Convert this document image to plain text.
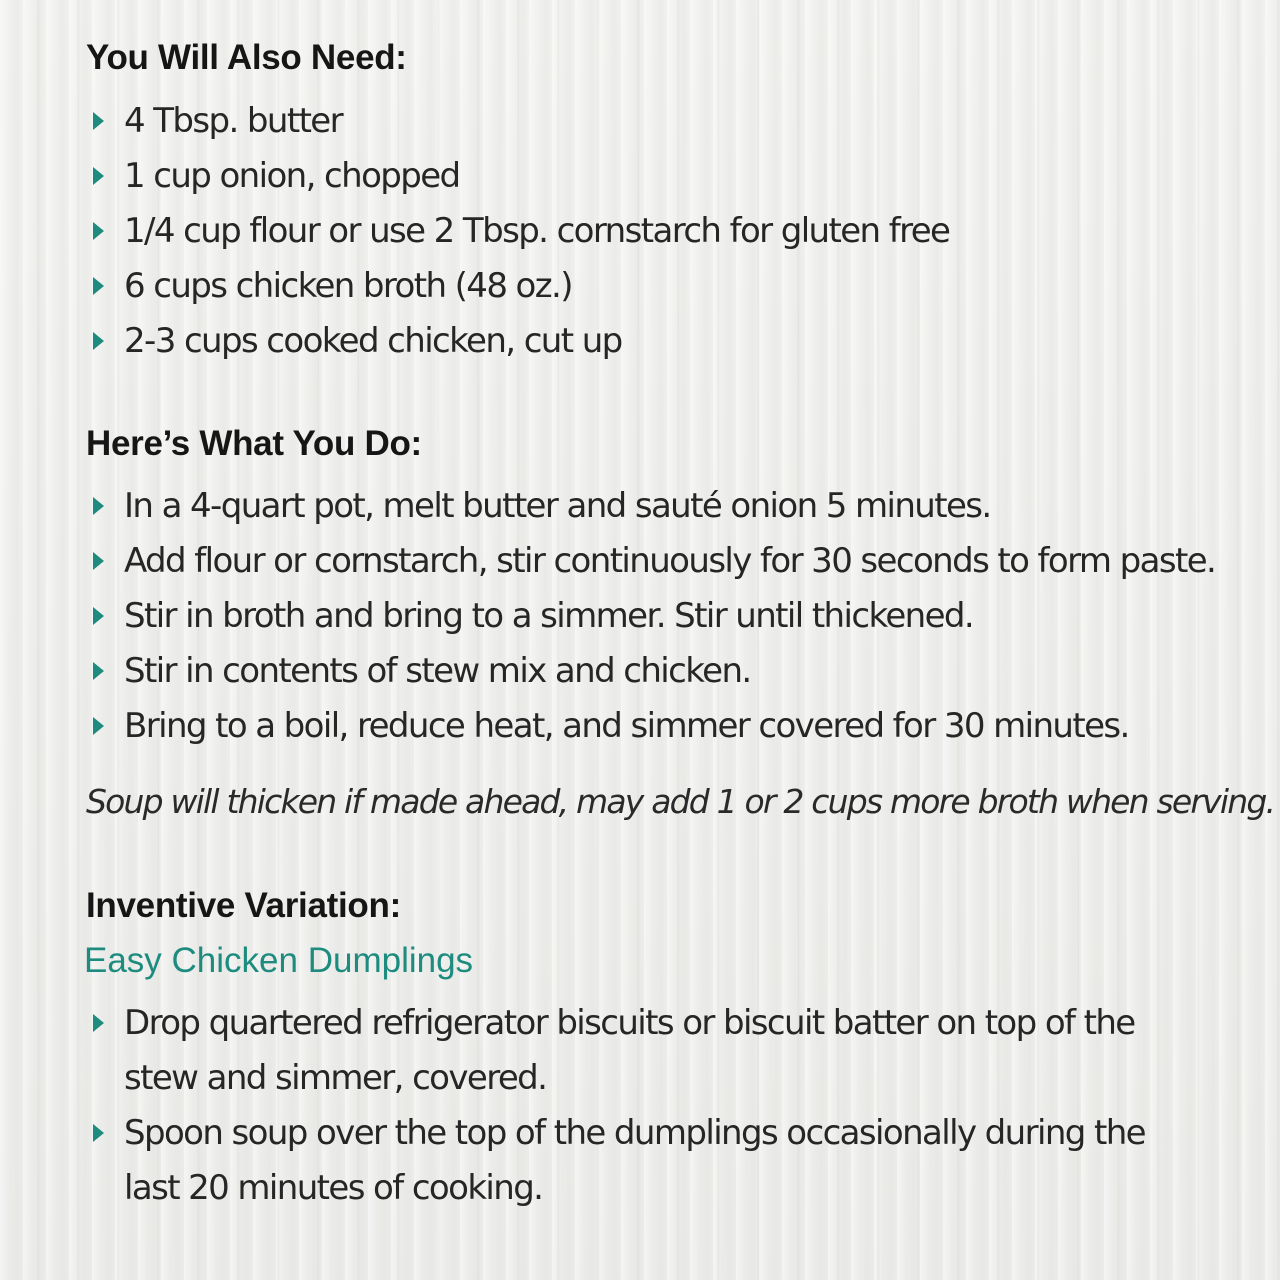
You Will Also Need:
4 Tbsp. butter
1 cup onion, chopped
1/4 cup flour or use 2 Tbsp. cornstarch for gluten free
6 cups chicken broth (48 oz.)
2-3 cups cooked chicken, cut up
Here’s What You Do:
In a 4-quart pot, melt butter and sauté onion 5 minutes.
Add flour or cornstarch, stir continuously for 30 seconds to form paste.
Stir in broth and bring to a simmer. Stir until thickened.
Stir in contents of stew mix and chicken.
Bring to a boil, reduce heat, and simmer covered for 30 minutes.

Soup will thicken if made ahead, may add 1 or 2 cups more broth when serving.

Inventive Variation:

Easy Chicken Dumplings

Drop quartered refrigerator biscuits or biscuit batter on top of the stew and simmer, covered.
Spoon soup over the top of the dumplings occasionally during the last 20 minutes of cooking.
